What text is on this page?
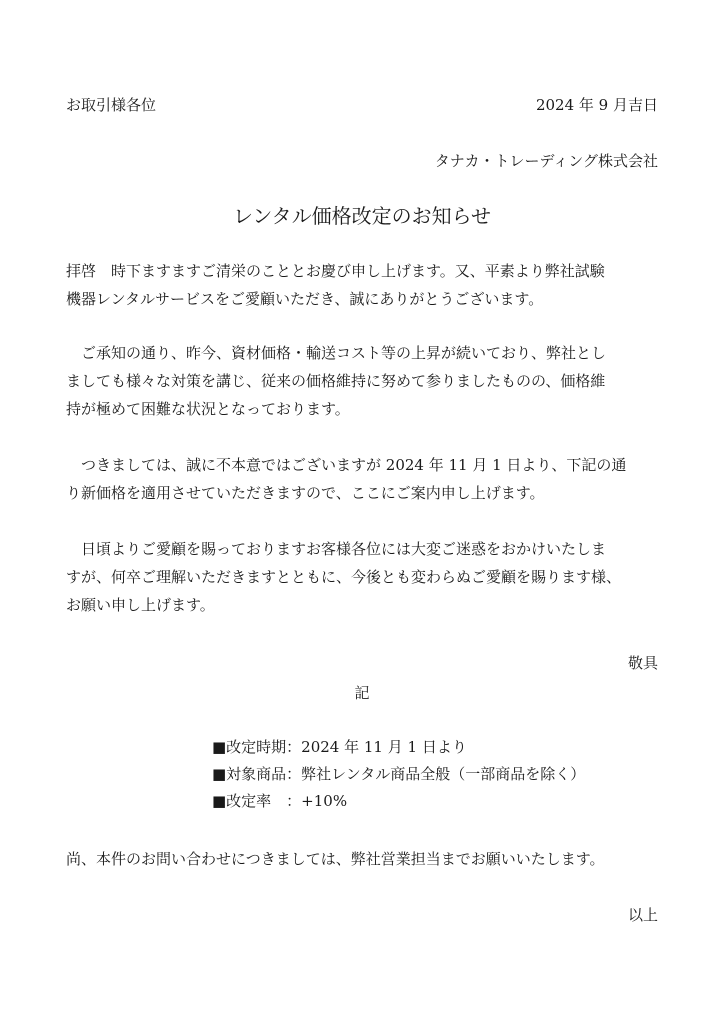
お取引様各位	2024 年 9 月吉日
タナカ・トレーディング株式会社
レンタル価格改定のお知らせ
拝啓　時下ますますご清栄のこととお慶び申し上げます。又、平素より弊社試験
機器レンタルサービスをご愛顧いただき、誠にありがとうございます。
　ご承知の通り、昨今、資材価格・輸送コスト等の上昇が続いており、弊社とし
ましても様々な対策を講じ、従来の価格維持に努めて参りましたものの、価格維
持が極めて困難な状況となっております。
　つきましては、誠に不本意ではございますが 2024 年 11 月 1 日より、下記の通
り新価格を適用させていただきますので、ここにご案内申し上げます。
　日頃よりご愛顧を賜っておりますお客様各位には大変ご迷惑をおかけいたしま
すが、何卒ご理解いただきますとともに、今後とも変わらぬご愛顧を賜ります様、
お願い申し上げます。
敬具
記
■改定時期：2024 年 11 月 1 日より
■対象商品：弊社レンタル商品全般（一部商品を除く）
■改定率　：+10%
尚、本件のお問い合わせにつきましては、弊社営業担当までお願いいたします。
以上
